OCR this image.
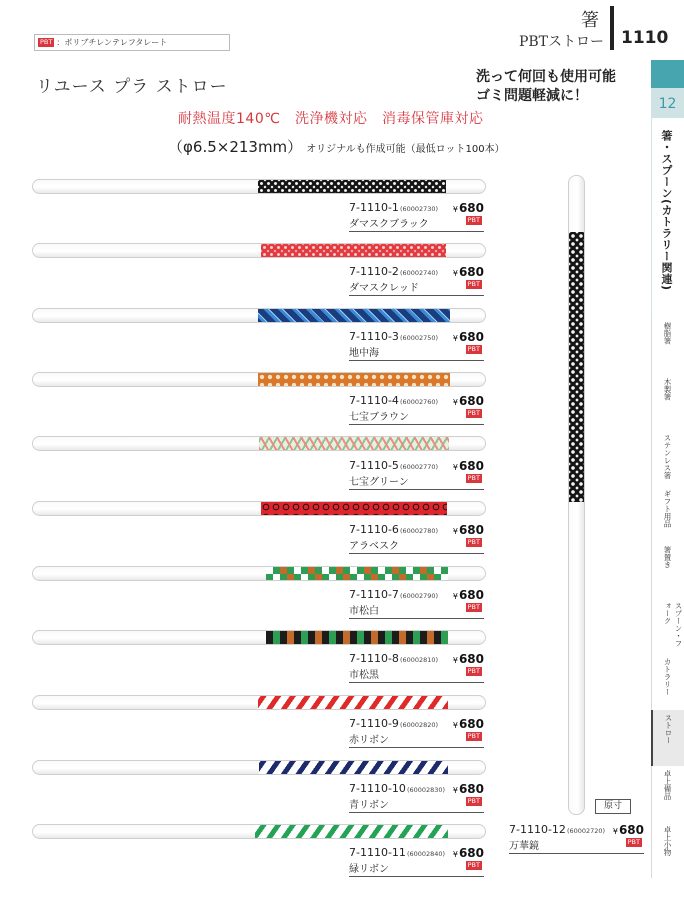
PBT ：ポリブチレンテレフタレート
箸
PBTストロー 1110
リユース プラ ストロー	洗って何回も使用可能
ゴミ問題軽減に！
耐熱温度140℃　洗浄機対応　消毒保管庫対応
（φ6.5×213mm） オリジナルも作成可能（最低ロット100本）
7-1110-1(60002730) ¥680
ダマスクブラック	PBT
7-1110-2(60002740) ¥680
ダマスクレッド	PBT
7-1110-3(60002750) ¥680
地中海	PBT
7-1110-4(60002760) ¥680
七宝ブラウン	PBT
7-1110-5(60002770) ¥680
七宝グリーン	PBT
7-1110-6(60002780) ¥680
アラベスク	PBT
7-1110-7(60002790) ¥680
市松白	PBT
7-1110-8(60002810) ¥680
市松黒	PBT
7-1110-9(60002820) ¥680
赤リボン	PBT
7-1110-10(60002830) ¥680
青リボン	PBT
7-1110-11(60002840) ¥680
緑リボン	PBT
原寸
7-1110-12(60002720) ¥680
万華鏡	PBT
12
箸・スプーン(カトラリー関連)
樹脂箸
木製箸
ステンレス箸
ギフト用品
箸置き
スプーン・フォーク
カトラリー
ストロー
卓上備品
卓上小物
